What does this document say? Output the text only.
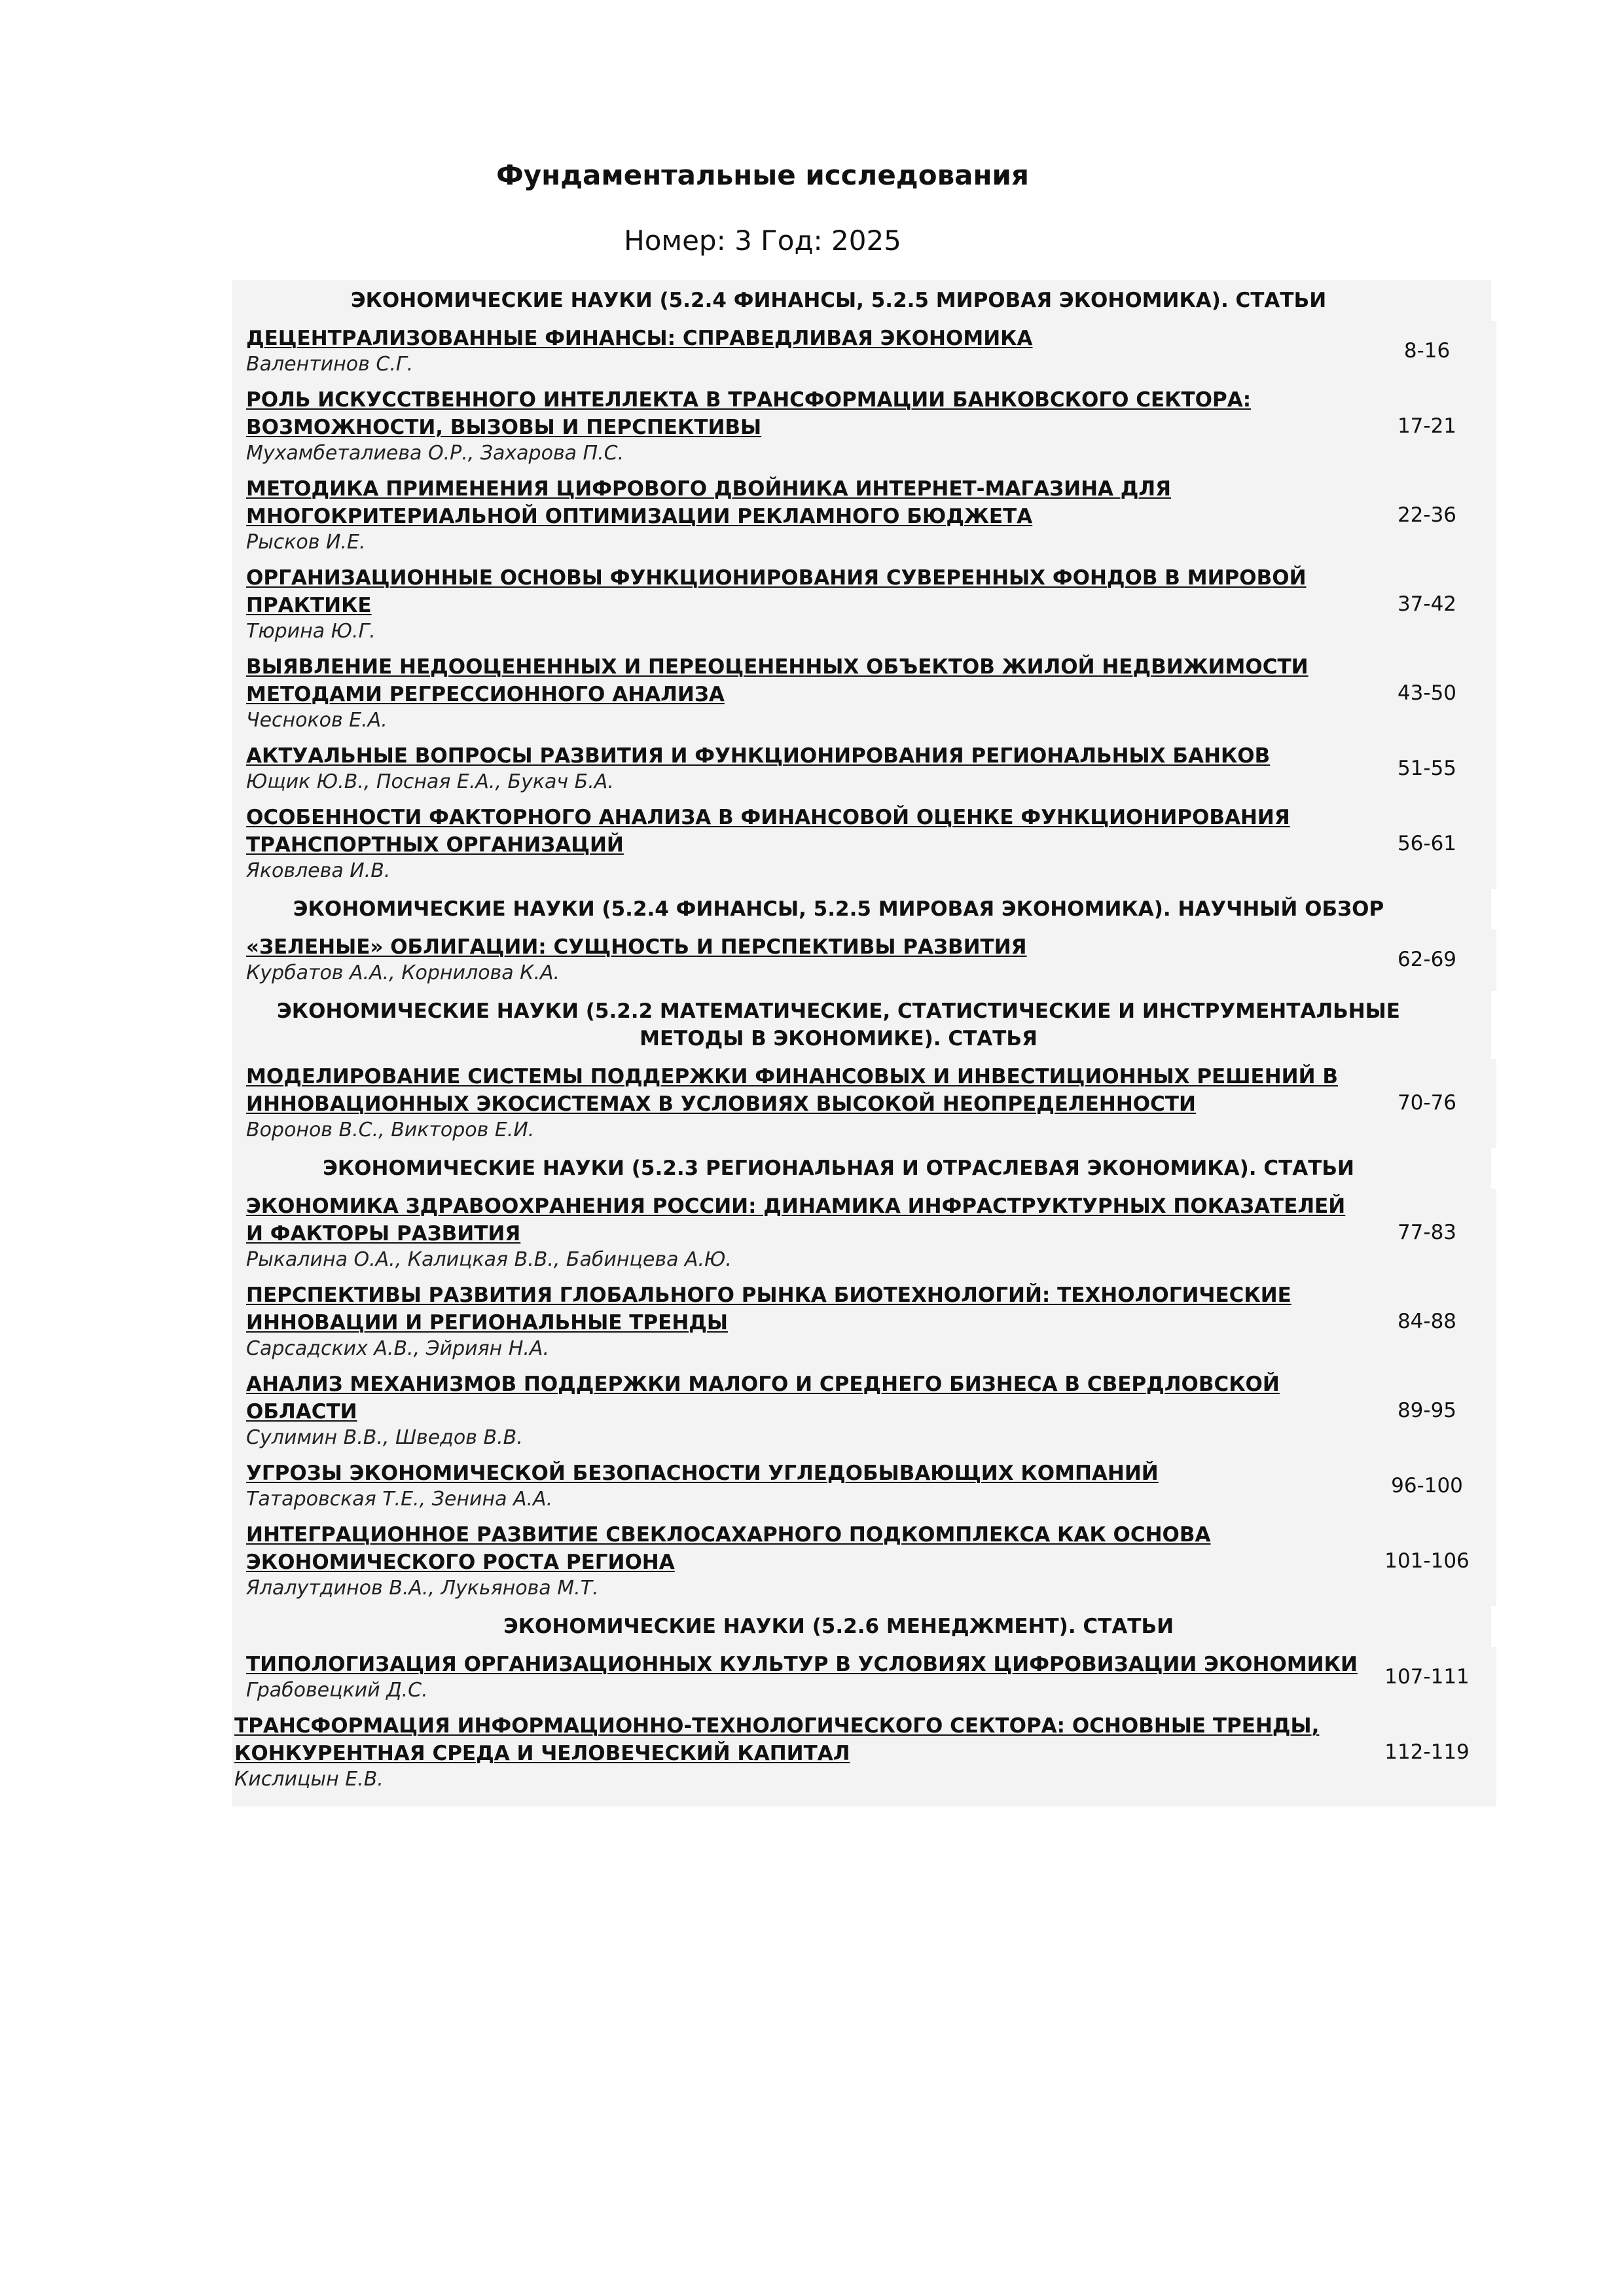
Фундаментальные исследования
Номер: 3 Год: 2025
ЭКОНОМИЧЕСКИЕ НАУКИ (5.2.4 ФИНАНСЫ, 5.2.5 МИРОВАЯ ЭКОНОМИКА). СТАТЬИ
ДЕЦЕНТРАЛИЗОВАННЫЕ ФИНАНСЫ: СПРАВЕДЛИВАЯ ЭКОНОМИКА
Валентинов С.Г.
8-16
РОЛЬ ИСКУССТВЕННОГО ИНТЕЛЛЕКТА В ТРАНСФОРМАЦИИ БАНКОВСКОГО СЕКТОРА: ВОЗМОЖНОСТИ, ВЫЗОВЫ И ПЕРСПЕКТИВЫ
Мухамбеталиева О.Р., Захарова П.С.
17-21
МЕТОДИКА ПРИМЕНЕНИЯ ЦИФРОВОГО ДВОЙНИКА ИНТЕРНЕТ-МАГАЗИНА ДЛЯ МНОГОКРИТЕРИАЛЬНОЙ ОПТИМИЗАЦИИ РЕКЛАМНОГО БЮДЖЕТА
Рысков И.Е.
22-36
ОРГАНИЗАЦИОННЫЕ ОСНОВЫ ФУНКЦИОНИРОВАНИЯ СУВЕРЕННЫХ ФОНДОВ В МИРОВОЙ ПРАКТИКЕ
Тюрина Ю.Г.
37-42
ВЫЯВЛЕНИЕ НЕДООЦЕНЕННЫХ И ПЕРЕОЦЕНЕННЫХ ОБЪЕКТОВ ЖИЛОЙ НЕДВИЖИМОСТИ МЕТОДАМИ РЕГРЕССИОННОГО АНАЛИЗА
Чесноков Е.А.
43-50
АКТУАЛЬНЫЕ ВОПРОСЫ РАЗВИТИЯ И ФУНКЦИОНИРОВАНИЯ РЕГИОНАЛЬНЫХ БАНКОВ
Ющик Ю.В., Посная Е.А., Букач Б.А.
51-55
ОСОБЕННОСТИ ФАКТОРНОГО АНАЛИЗА В ФИНАНСОВОЙ ОЦЕНКЕ ФУНКЦИОНИРОВАНИЯ ТРАНСПОРТНЫХ ОРГАНИЗАЦИЙ
Яковлева И.В.
56-61
ЭКОНОМИЧЕСКИЕ НАУКИ (5.2.4 ФИНАНСЫ, 5.2.5 МИРОВАЯ ЭКОНОМИКА). НАУЧНЫЙ ОБЗОР
«ЗЕЛЕНЫЕ» ОБЛИГАЦИИ: СУЩНОСТЬ И ПЕРСПЕКТИВЫ РАЗВИТИЯ
Курбатов А.А., Корнилова К.А.
62-69
ЭКОНОМИЧЕСКИЕ НАУКИ (5.2.2 МАТЕМАТИЧЕСКИЕ, СТАТИСТИЧЕСКИЕ И ИНСТРУМЕНТАЛЬНЫЕ МЕТОДЫ В ЭКОНОМИКЕ). СТАТЬЯ
МОДЕЛИРОВАНИЕ СИСТЕМЫ ПОДДЕРЖКИ ФИНАНСОВЫХ И ИНВЕСТИЦИОННЫХ РЕШЕНИЙ В ИННОВАЦИОННЫХ ЭКОСИСТЕМАХ В УСЛОВИЯХ ВЫСОКОЙ НЕОПРЕДЕЛЕННОСТИ
Воронов В.С., Викторов Е.И.
70-76
ЭКОНОМИЧЕСКИЕ НАУКИ (5.2.3 РЕГИОНАЛЬНАЯ И ОТРАСЛЕВАЯ ЭКОНОМИКА). СТАТЬИ
ЭКОНОМИКА ЗДРАВООХРАНЕНИЯ РОССИИ: ДИНАМИКА ИНФРАСТРУКТУРНЫХ ПОКАЗАТЕЛЕЙ И ФАКТОРЫ РАЗВИТИЯ
Рыкалина О.А., Калицкая В.В., Бабинцева А.Ю.
77-83
ПЕРСПЕКТИВЫ РАЗВИТИЯ ГЛОБАЛЬНОГО РЫНКА БИОТЕХНОЛОГИЙ: ТЕХНОЛОГИЧЕСКИЕ ИННОВАЦИИ И РЕГИОНАЛЬНЫЕ ТРЕНДЫ
Сарсадских А.В., Эйриян Н.А.
84-88
АНАЛИЗ МЕХАНИЗМОВ ПОДДЕРЖКИ МАЛОГО И СРЕДНЕГО БИЗНЕСА В СВЕРДЛОВСКОЙ ОБЛАСТИ
Сулимин В.В., Шведов В.В.
89-95
УГРОЗЫ ЭКОНОМИЧЕСКОЙ БЕЗОПАСНОСТИ УГЛЕДОБЫВАЮЩИХ КОМПАНИЙ
Татаровская Т.Е., Зенина А.А.
96-100
ИНТЕГРАЦИОННОЕ РАЗВИТИЕ СВЕКЛОСАХАРНОГО ПОДКОМПЛЕКСА КАК ОСНОВА ЭКОНОМИЧЕСКОГО РОСТА РЕГИОНА
Ялалутдинов В.А., Лукьянова М.Т.
101-106
ЭКОНОМИЧЕСКИЕ НАУКИ (5.2.6 МЕНЕДЖМЕНТ). СТАТЬИ
ТИПОЛОГИЗАЦИЯ ОРГАНИЗАЦИОННЫХ КУЛЬТУР В УСЛОВИЯХ ЦИФРОВИЗАЦИИ ЭКОНОМИКИ
Грабовецкий Д.С.
107-111
ТРАНСФОРМАЦИЯ ИНФОРМАЦИОННО-ТЕХНОЛОГИЧЕСКОГО СЕКТОРА: ОСНОВНЫЕ ТРЕНДЫ, КОНКУРЕНТНАЯ СРЕДА И ЧЕЛОВЕЧЕСКИЙ КАПИТАЛ
Кислицын Е.В.
112-119
